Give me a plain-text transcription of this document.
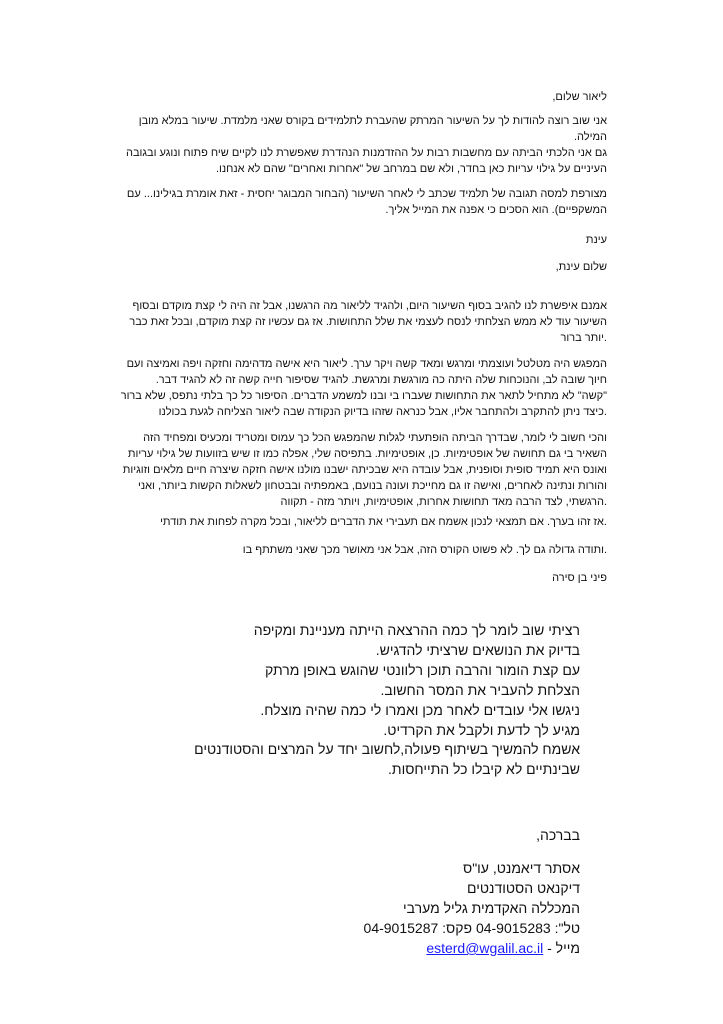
ליאור שלום,

אני שוב רוצה להודות לך על השיעור המרתק שהעברת לתלמידים בקורס שאני מלמדת. שיעור במלא מובן
המילה.
גם אני הלכתי הביתה עם מחשבות רבות על ההזדמנות הנהדרת שאפשרת לנו לקיים שיח פתוח ונוגע ובגובה
העיניים על גילוי עריות כאן בחדר, ולא שם במרחב של "אחרות ואחרים" שהם לא אנחנו.
מצורפת למסה תגובה של תלמיד שכתב לי לאחר השיעור (הבחור המבוגר יחסית - זאת אומרת בגילינו... עם
המשקפיים). הוא הסכים כי אפנה את המייל אליך.

עינת

שלום עינת,

אמנם איפשרת לנו להגיב בסוף השיעור היום, ולהגיד לליאור מה הרגשנו, אבל זה היה לי קצת מוקדם ובסוף
השיעור עוד לא ממש הצלחתי לנסח לעצמי את שלל התחושות. אז גם עכשיו זה קצת מוקדם, ובכל זאת כבר
.יותר ברור
המפגש היה מטלטל ועוצמתי ומרגש ומאד קשה ויקר ערך. ליאור היא אישה מדהימה וחזקה ויפה ואמיצה ועם
חיוך שובה לב, והנוכחות שלה היתה כה מורגשת ומרגשת. להגיד שסיפור חייה קשה זה לא להגיד דבר.
"קשה" לא מתחיל לתאר את התחושות שעברו בי ובנו למשמע הדברים. הסיפור כל כך בלתי נתפס, שלא ברור
.כיצד ניתן להתקרב ולהתחבר אליו, אבל כנראה שזהו בדיוק הנקודה שבה ליאור הצליחה לגעת בכולנו
והכי חשוב לי לומר, שבדרך הביתה הופתעתי לגלות שהמפגש הכל כך עמוס ומטריד ומכעיס ומפחיד הזה
השאיר בי גם תחושה של אופטימיות. כן, אופטימיות. בתפיסה שלי, אפלה כמו זו שיש בזוועות של גילוי עריות
ואונס היא תמיד סופית וסופנית, אבל עובדה היא שבכיתה ישבנו מולנו אישה חזקה שיצרה חיים מלאים וזוגיות
והורות ונתינה לאחרים, ואישה זו גם מחייכת ועונה בנועם, באמפתיה ובבטחון לשאלות הקשות ביותר, ואני
.הרגשתי, לצד הרבה מאד תחושות אחרות, אופטימיות, ויותר מזה - תקווה

.אז זהו בערך. אם תמצאי לנכון אשמח אם תעבירי את הדברים לליאור, ובכל מקרה לפחות את תודתי

.ותודה גדולה גם לך. לא פשוט הקורס הזה, אבל אני מאושר מכך שאני משתתף בו

פיני בן סירה

רציתי שוב לומר לך כמה ההרצאה הייתה מעניינת ומקיפה
בדיוק את הנושאים שרציתי להדגיש.
עם קצת הומור והרבה תוכן רלוונטי שהוגש באופן מרתק
הצלחת להעביר את המסר החשוב.
ניגשו אלי עובדים לאחר מכן ואמרו לי כמה שהיה מוצלח.
מגיע לך לדעת ולקבל את הקרדיט.
אשמח להמשיך בשיתוף פעולה,לחשוב יחד על המרצים והסטודנטים
שבינתיים לא קיבלו כל התייחסות.

בברכה,

אסתר דיאמנט, עו"ס
דיקנאט הסטודנטים
המכללה האקדמית גליל מערבי
טל": 04-9015283 פקס: 04-9015287
מייל - esterd@wgalil.ac.il
